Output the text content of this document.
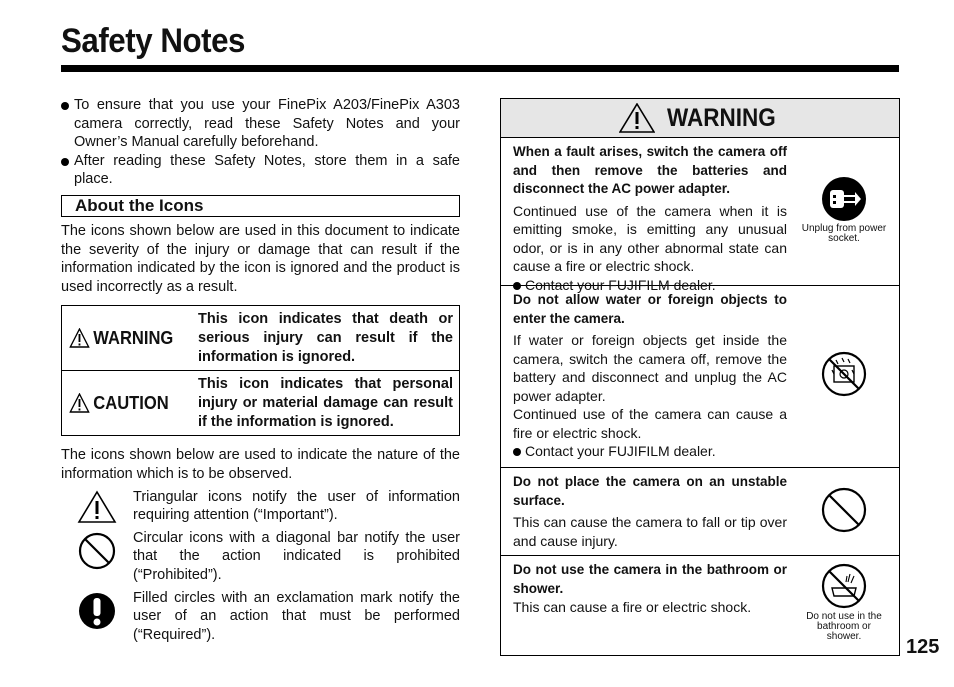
Safety Notes
To ensure that you use your FinePix A203/FinePix A303 camera correctly, read these Safety Notes and your Owner’s Manual carefully beforehand.
After reading these Safety Notes, store them in a safe place.
About the Icons
The icons shown below are used in this document to indicate the severity of the injury or damage that can result if the information indicated by the icon is ignored and the product is used incorrectly as a result.
WARNING
This icon indicates that death or serious injury can result if the information is ignored.
CAUTION
This icon indicates that personal injury or material damage can result if the information is ignored.
The icons shown below are used to indicate the nature of the information which is to be observed.
Triangular icons notify the user of information requiring attention (“Important”).
Circular icons with a diagonal bar notify the user that the action indicated is prohibited (“Prohibited”).
Filled circles with an exclamation mark notify the user of an action that must be performed (“Required”).
WARNING
When a fault arises, switch the camera off and then remove the batteries and disconnect the AC power adapter.
Continued use of the camera when it is emitting smoke, is emitting any unusual odor, or is in any other abnormal state can cause a fire or electric shock.
Contact your FUJIFILM dealer.
Unplug from power socket.
Do not allow water or foreign objects to enter the camera.
If water or foreign objects get inside the camera, switch the camera off, remove the battery and disconnect and unplug the AC power adapter.
Continued use of the camera can cause a fire or electric shock.
Contact your FUJIFILM dealer.
Do not place the camera on an unstable surface.
This can cause the camera to fall or tip over and cause injury.
Do not use the camera in the bathroom or shower.
This can cause a fire or electric shock.
Do not use in the bathroom or shower.	125
